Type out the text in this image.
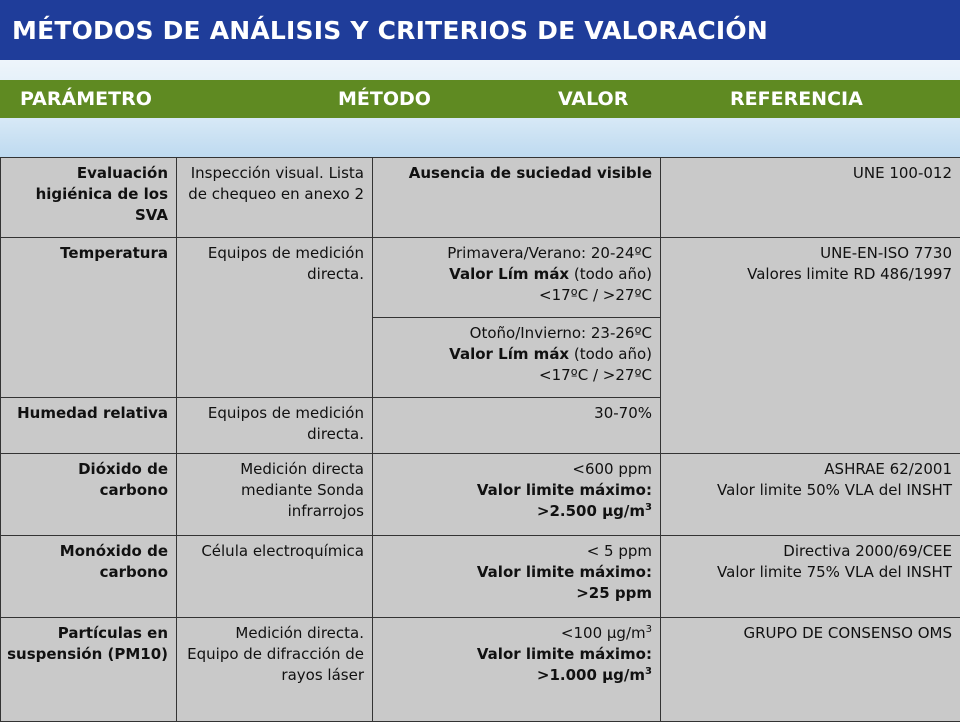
MÉTODOS DE ANÁLISIS Y CRITERIOS DE VALORACIÓN
PARÁMETRO	MÉTODO	VALOR	REFERENCIA
Evaluación higiénica de los SVA	Inspección visual. Lista de chequeo en anexo 2	Ausencia de suciedad visible	UNE 100-012
Temperatura	Equipos de medición directa.	Primavera/Verano: 20-24ºC
Valor Lím máx (todo año)
<17ºC / >27ºC	UNE-EN-ISO 7730
Valores limite RD 486/1997

		Otoño/Invierno: 23-26ºC
Valor Lím máx (todo año)
<17ºC / >27ºC	

Humedad relativa	Equipos de medición directa.	30-70%	
Dióxido de carbono	Medición directa mediante Sonda infrarrojos	<600 ppm
Valor limite máximo:
>2.500 $\mu g/m^3$	ASHRAE 62/2001
Valor limite 50% VLA del INSHT

Monóxido de carbono	Célula electroquímica	< 5 ppm
Valor limite máximo:
>25 ppm	Directiva 2000/69/CEE
Valor limite 75% VLA del INSHT

Partículas en suspensión (PM10)	Medición directa. Equipo de difracción de rayos láser	<100 $\mu g/m^3$
Valor limite máximo:
>1.000 $\mu g/m^3$	GRUPO DE CONSENSO OMS
